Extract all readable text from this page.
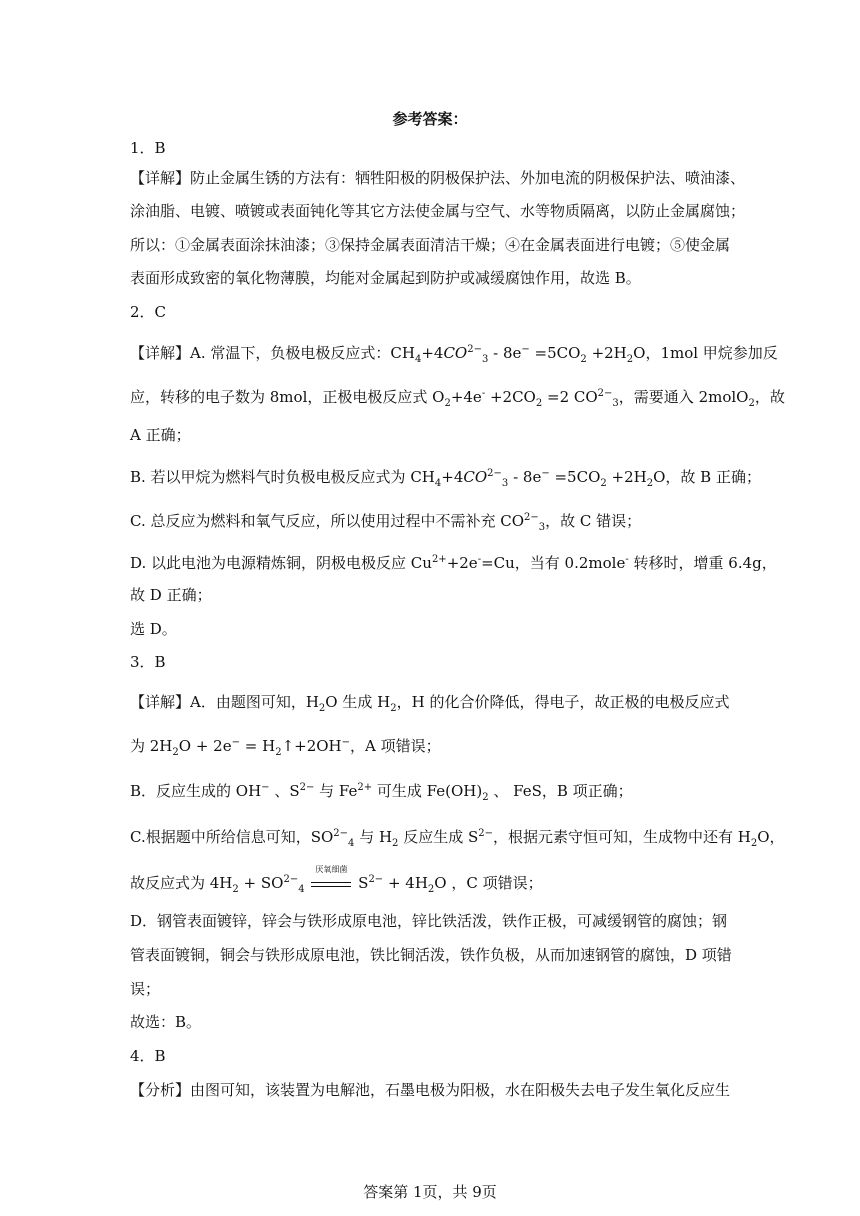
参考答案：
1．B
【详解】防止金属生锈的方法有：牺牲阳极的阴极保护法、外加电流的阴极保护法、喷油漆、
涂油脂、电镀、喷镀或表面钝化等其它方法使金属与空气、水等物质隔离，以防止金属腐蚀；
所以：①金属表面涂抹油漆；③保持金属表面清洁干燥；④在金属表面进行电镀；⑤使金属
表面形成致密的氧化物薄膜，均能对金属起到防护或减缓腐蚀作用，故选 B。
2．C
【详解】A. 常温下，负极电极反应式：$CH_4+4CO^{2-}_3 - 8e^- =5CO_2 +2H_2O$，1mol 甲烷参加反
应，转移的电子数为 8mol，正极电极反应式 $O_2+4e^- +2CO_2 =2$ $CO^{2-}_3$，需要通入 2molO$_2$，故
A 正确；
B. 若以甲烷为燃料气时负极电极反应式为 $CH_4+4CO^{2-}_3 - 8e^- =5CO_2 +2H_2O$，故 B 正确；
C. 总反应为燃料和氧气反应，所以使用过程中不需补充 $CO^{2-}_3$，故 C 错误；
D. 以此电池为电源精炼铜，阴极电极反应 $Cu^{2+}+2e^-=Cu$，当有 0.2mole- 转移时，增重 6.4g，
故 D 正确；
选 D。
3．B
【详解】A．由题图可知，$H_2O$ 生成 $H_2$，H 的化合价降低，得电子，故正极的电极反应式
为 $2H_2O + 2e^-$ = $H_2↑+2OH^-$，A 项错误；
B．反应生成的 OH− 、$S^{2-}$ 与 $Fe^{2+}$ 可生成 $Fe(OH)_2$ 、 FeS，B 项正确；
C.根据题中所给信息可知，$SO^{2-}_4$ 与 $H_2$ 反应生成 $S^{2-}$，根据元素守恒可知，生成物中还有 $H_2O$，
故反应式为 $4H_2 + SO^{2-}_4$
厌氧细菌
$S^{2-} + 4H_2O$ ，C 项错误；
D．钢管表面镀锌，锌会与铁形成原电池，锌比铁活泼，铁作正极，可减缓钢管的腐蚀；钢
管表面镀铜，铜会与铁形成原电池，铁比铜活泼，铁作负极，从而加速钢管的腐蚀，D 项错
误；
故选：B。
4．B
【分析】由图可知，该装置为电解池，石墨电极为阳极，水在阳极失去电子发生氧化反应生
答案第 1页，共 9页
